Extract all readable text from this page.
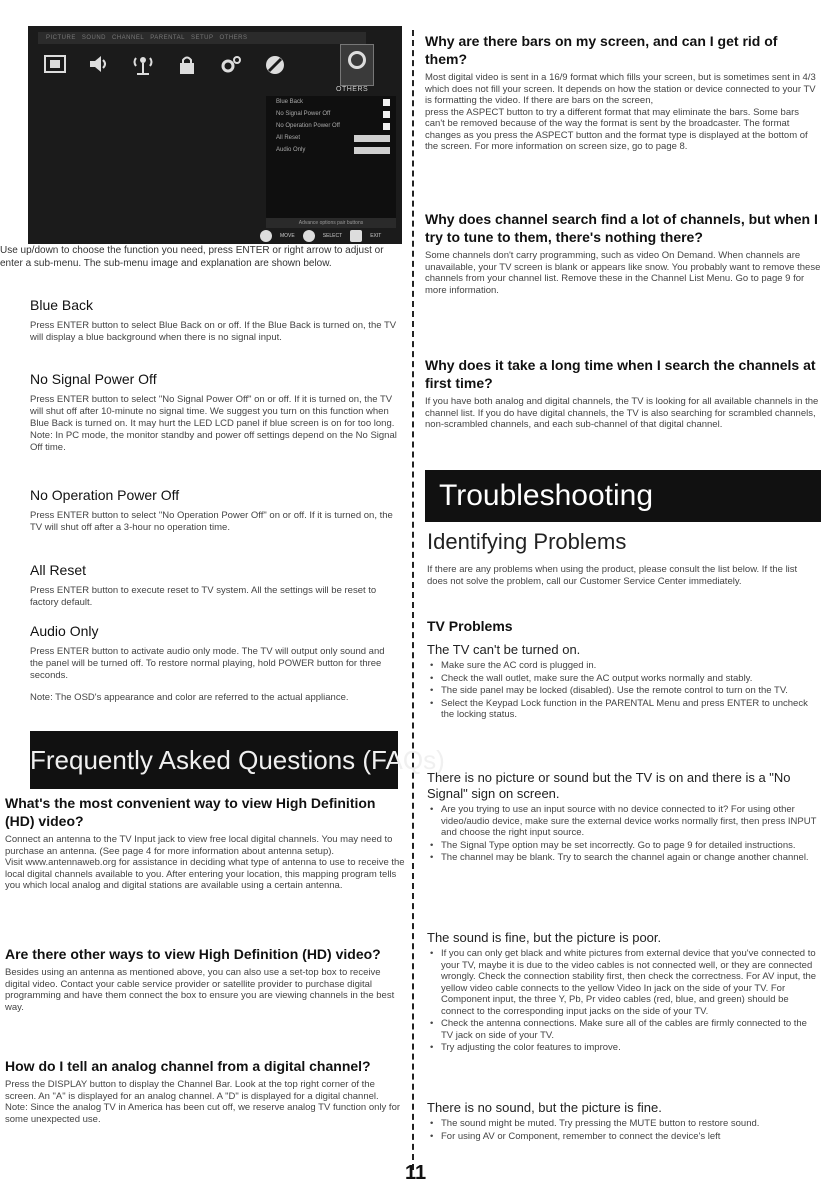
PICTURE SOUND CHANNEL PARENTAL SETUP OTHERS
OTHERS
Blue Back
No Signal Power Off
No Operation Power Off
All Reset
Audio Only
Advance options pair buttons
MOVE	SELECT	EXIT
Use up/down to choose the function you need, press ENTER or right arrow to adjust or enter a sub-menu. The sub-menu image and explanation are shown below.
Blue Back

Press ENTER button to select Blue Back on or off. If the Blue Back is turned on, the TV will display a blue background when there is no signal input.

No Signal Power Off

Press ENTER button to select "No Signal Power Off" on or off. If it is turned on, the TV will shut off after 10-minute no signal time. We suggest you turn on this function when Blue Back is turned on. It may hurt the LED LCD panel if blue screen is on for too long.

Note: In PC mode, the monitor standby and power off settings depend on the No Signal Off time.

No Operation Power Off

Press ENTER button to select "No Operation Power Off" on or off. If it is turned on, the TV will shut off after a 3-hour no operation time.

All Reset

Press ENTER button to execute reset to TV system. All the settings will be reset to factory default.

Audio Only

Press ENTER button to activate audio only mode. The TV will output only sound and the panel will be turned off. To restore normal playing, hold POWER button for three seconds.

Note: The OSD's appearance and color are referred to the actual appliance.

Frequently Asked Questions (FAQs)
What's the most convenient way to view High Definition (HD) video?

Connect an antenna to the TV Input jack to view free local digital channels. You may need to purchase an antenna. (See page 4 for more information about antenna setup).

Visit www.antennaweb.org for assistance in deciding what type of antenna to use to receive the local digital channels available to you. After entering your location, this mapping program tells you which local analog and digital stations are available using a certain antenna.

Are there other ways to view High Definition (HD) video?

Besides using an antenna as mentioned above, you can also use a set-top box to receive digital video. Contact your cable service provider or satellite provider to purchase digital programming and have them connect the box to ensure you are viewing channels in the best way.

How do I tell an analog channel from a digital channel?

Press the DISPLAY button to display the Channel Bar. Look at the top right corner of the screen. An "A" is displayed for an analog channel. A "D" is displayed for a digital channel.

Note: Since the analog TV in America has been cut off, we reserve analog TV function only for some unexpected use.

Why are there bars on my screen, and can I get rid of them?

Most digital video is sent in a 16/9 format which fills your screen, but is sometimes sent in 4/3 which does not fill your screen. It depends on how the station or device connected to your TV is formatting the video. If there are bars on the screen,

press the ASPECT button to try a different format that may eliminate the bars. Some bars can't be removed because of the way the format is sent by the broadcaster. The format changes as you press the ASPECT button and the format type is displayed at the bottom of the screen. For more information on screen size, go to page 8.

Why does channel search find a lot of channels, but when I try to tune to them, there's nothing there?

Some channels don't carry programming, such as video On Demand. When channels are unavailable, your TV screen is blank or appears like snow. You probably want to remove these channels from your channel list. Remove these in the Channel List Menu. Go to page 9 for more information.

Why does it take a long time when I search the channels at first time?

If you have both analog and digital channels, the TV is looking for all available channels in the channel list. If you do have digital channels, the TV is also searching for scrambled channels, non-scrambled channels, and each sub-channel of that digital channel.

Troubleshooting
Identifying Problems
If there are any problems when using the product, please consult the list below. If the list does not solve the problem, call our Customer Service Center immediately.
TV Problems
The TV can't be turned on.
• Make sure the AC cord is plugged in.
• Check the wall outlet, make sure the AC output works normally and stably.
• The side panel may be locked (disabled). Use the remote control to turn on the TV.
• Select the Keypad Lock function in the PARENTAL Menu and press ENTER to uncheck the locking status.
There is no picture or sound but the TV is on and there is a "No Signal" sign on screen.
• Are you trying to use an input source with no device connected to it? For using other video/audio device, make sure the external device works normally first, then press INPUT and choose the right input source.
• The Signal Type option may be set incorrectly. Go to page 9 for detailed instructions.
• The channel may be blank. Try to search the channel again or change another channel.
The sound is fine, but the picture is poor.
• If you can only get black and white pictures from external device that you've connected to your TV, maybe it is due to the video cables is not connected well, or they are connected wrongly. Check the connection stability first, then check the correctness. For AV input, the yellow video cable connects to the yellow Video In jack on the side of your TV. For Component input, the three Y, Pb, Pr video cables (red, blue, and green) should be connect to the corresponding input jacks on the side of your TV.
• Check the antenna connections. Make sure all of the cables are firmly connected to the TV jack on side of your TV.
• Try adjusting the color features to improve.
There is no sound, but the picture is fine.
• The sound might be muted. Try pressing the MUTE button to restore sound.
• For using AV or Component, remember to connect the device's left
11
